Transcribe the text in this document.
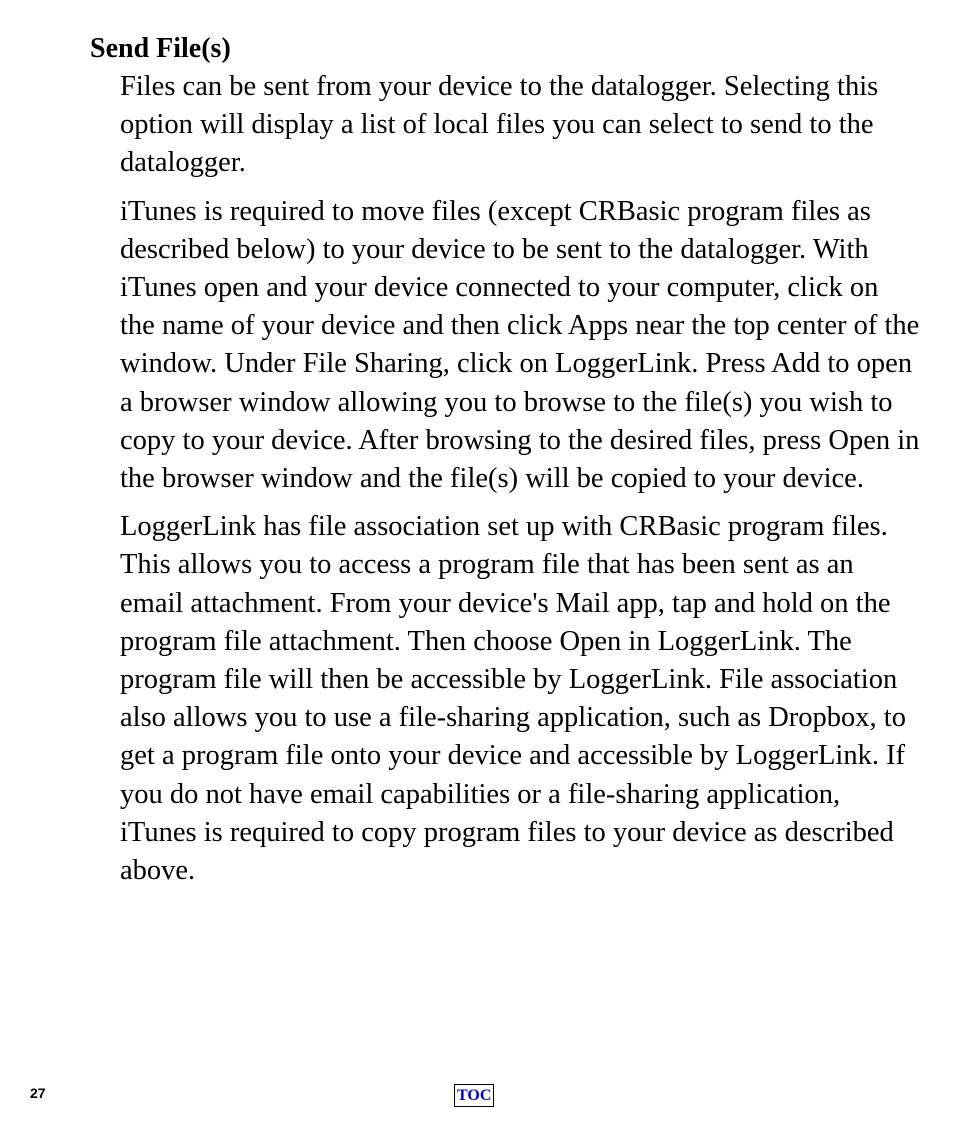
Send File(s)

Files can be sent from your device to the datalogger. Selecting this option will display a list of local files you can select to send to the datalogger.

iTunes is required to move files (except CRBasic program files as described below) to your device to be sent to the datalogger. With iTunes open and your device connected to your computer, click on the name of your device and then click Apps near the top center of the window. Under File Sharing, click on LoggerLink. Press Add to open a browser window allowing you to browse to the file(s) you wish to copy to your device. After browsing to the desired files, press Open in the browser window and the file(s) will be copied to your device.

LoggerLink has file association set up with CRBasic program files. This allows you to access a program file that has been sent as an email attachment. From your device's Mail app, tap and hold on the program file attachment. Then choose Open in LoggerLink. The program file will then be accessible by LoggerLink. File association also allows you to use a file-sharing application, such as Dropbox, to get a program file onto your device and accessible by LoggerLink. If you do not have email capabilities or a file-sharing application, iTunes is required to copy program files to your device as described above.

27	TOC
